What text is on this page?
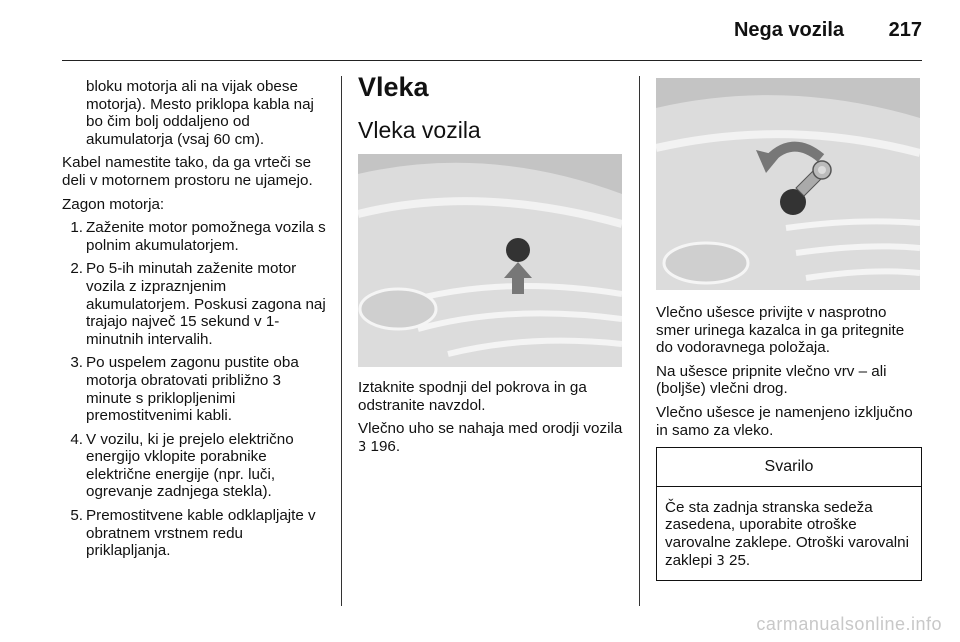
Nega vozila 217

bloku motorja ali na vijak obese motorja). Mesto priklopa kabla naj bo čim bolj oddaljeno od akumulatorja (vsaj 60 cm).

Kabel namestite tako, da ga vrteči se deli v motornem prostoru ne ujamejo.

Zagon motorja:

1. Zaženite motor pomožnega vozila s polnim akumulatorjem.
2. Po 5-ih minutah zaženite motor vozila z izpraznjenim akumulatorjem. Poskusi zagona naj trajajo največ 15 sekund v 1-minutnih intervalih.
3. Po uspelem zagonu pustite oba motorja obratovati približno 3 minute s priklopljenimi premostitvenimi kabli.
4. V vozilu, ki je prejelo električno energijo vklopite porabnike električne energije (npr. luči, ogrevanje zadnjega stekla).
5. Premostitvene kable odklapljajte v obratnem vrstnem redu priklapljanja.
Vleka
Vleka vozila

Iztaknite spodnji del pokrova in ga odstranite navzdol.

Vlečno uho se nahaja med orodji vozila 3 196.

Vlečno ušesce privijte v nasprotno smer urinega kazalca in ga pritegnite do vodoravnega položaja.

Na ušesce pripnite vlečno vrv – ali (boljše) vlečni drog.

Vlečno ušesce je namenjeno izključno in samo za vleko.

Svarilo
Če sta zadnja stranska sedeža zasedena, uporabite otroške varovalne zaklepe. Otroški varovalni zaklepi 3 25.
carmanualsonline.info
